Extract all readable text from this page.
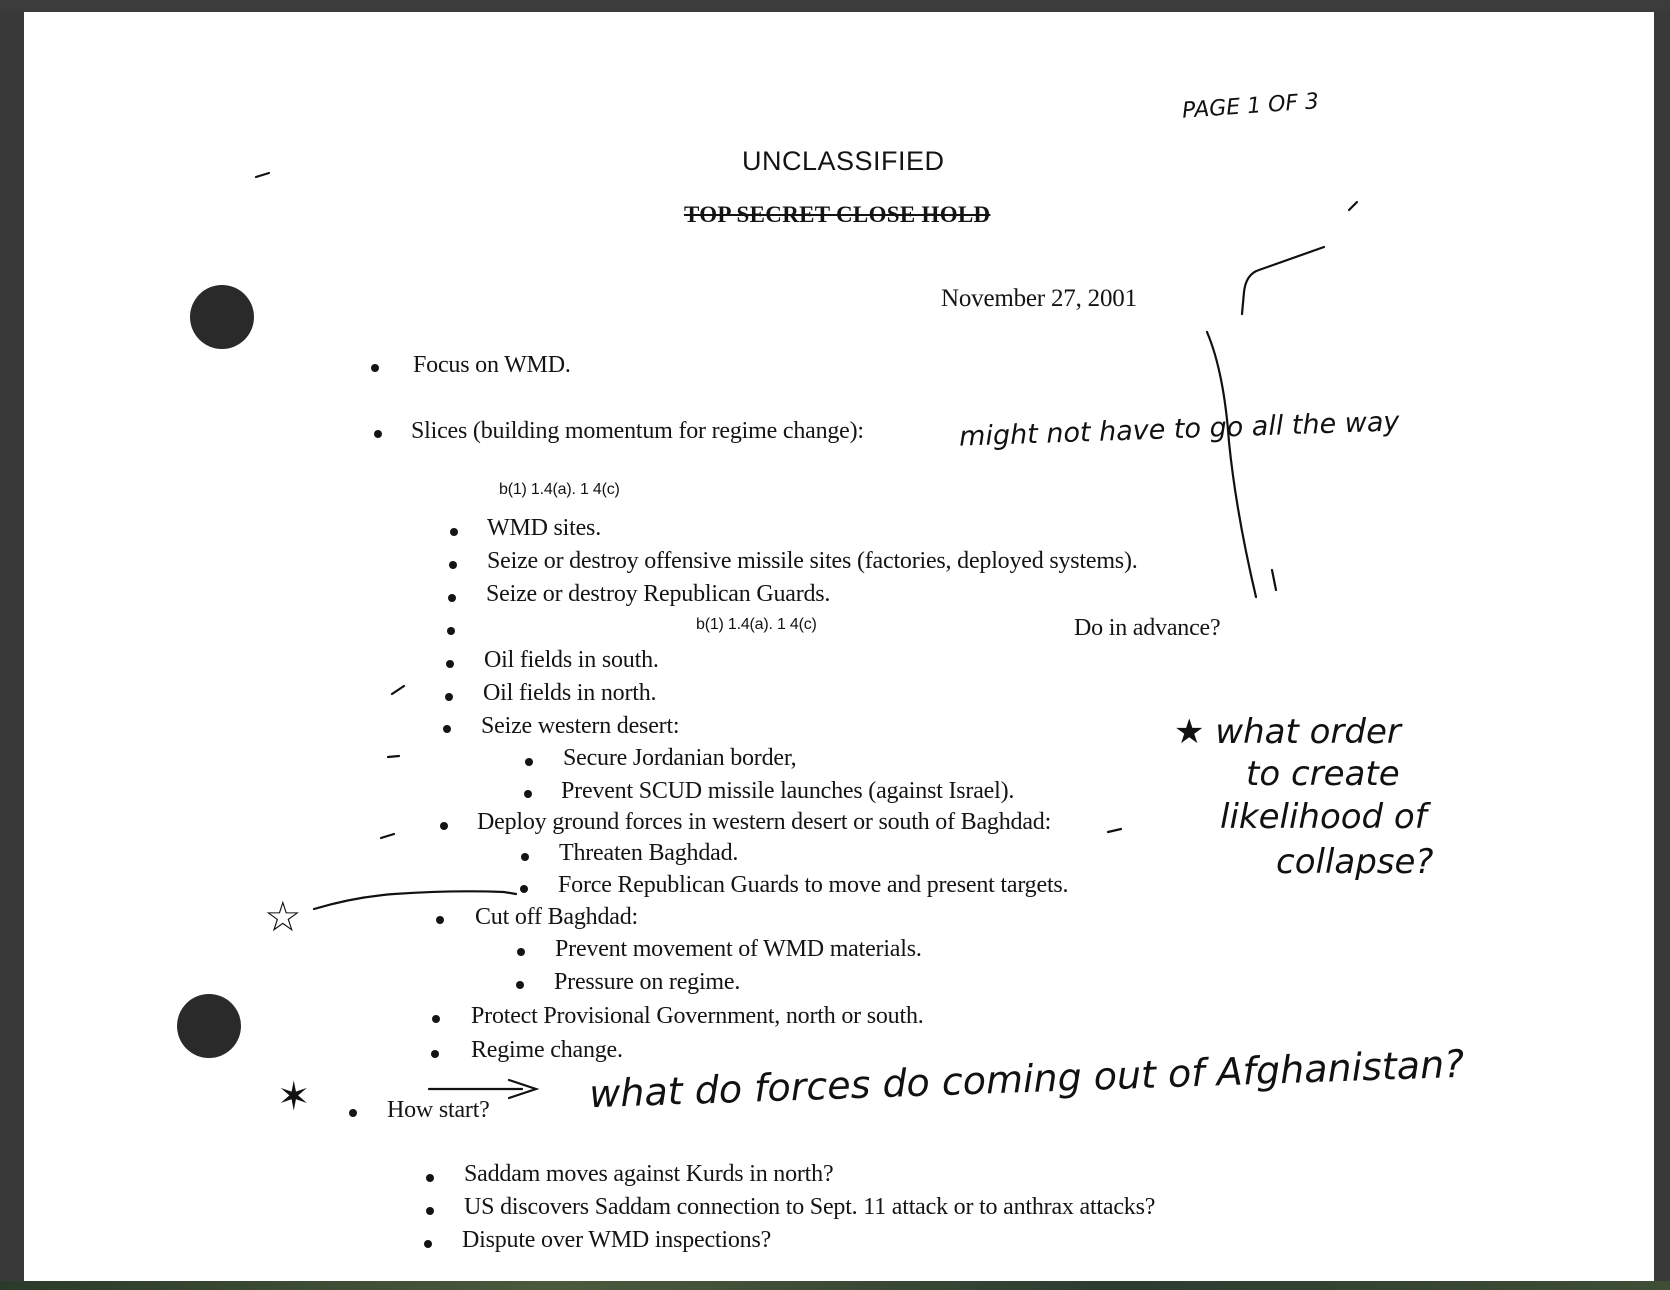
UNCLASSIFIED
TOP SECRET CLOSE HOLD
November 27, 2001
Focus on WMD.
Slices (building momentum for regime change):
b(1) 1.4(a). 1 4(c)
WMD sites.
Seize or destroy offensive missile sites (factories, deployed systems).
Seize or destroy Republican Guards.
b(1) 1.4(a). 1 4(c)	Do in advance?
Oil fields in south.
Oil fields in north.
Seize western desert:
Secure Jordanian border,
Prevent SCUD missile launches (against Israel).
Deploy ground forces in western desert or south of Baghdad:
Threaten Baghdad.
Force Republican Guards to move and present targets.
Cut off Baghdad:
Prevent movement of WMD materials.
Pressure on regime.
Protect Provisional Government, north or south.
Regime change.
How start?
Saddam moves against Kurds in north?
US discovers Saddam connection to Sept. 11 attack or to anthrax attacks?
Dispute over WMD inspections?
PAGE 1 OF 3
might not have to go all the way
★ what order
to create
likelihood of
collapse?
what do forces do coming out of Afghanistan?
☆
✶
